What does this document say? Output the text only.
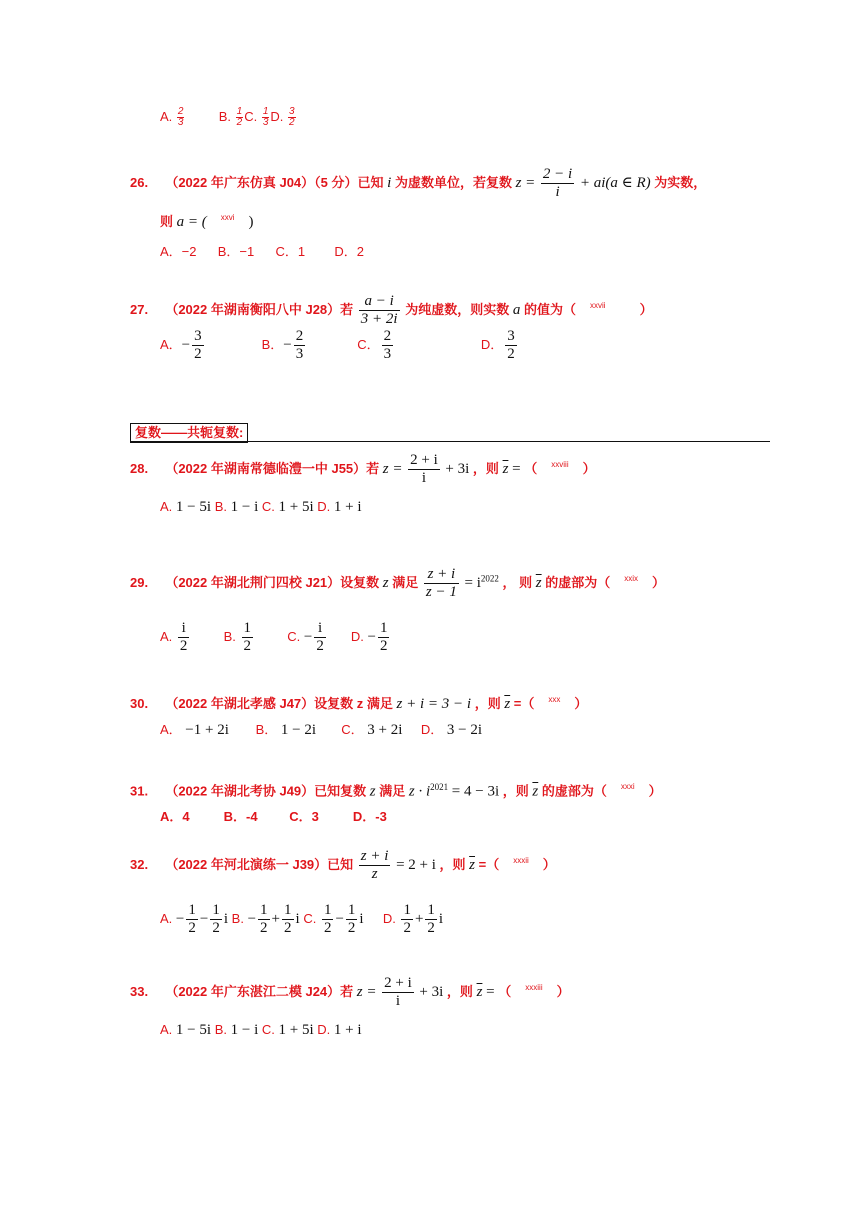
A. $\frac{2}{3}$	B. $\frac{1}{2} C$. $\frac{1}{3} D$. $\frac{3}{2}$
26. （2022 年广东仿真 J04）（5 分）已知 i 为虚数单位，若复数 $z = \frac{2 - i}{i} + ai(a$ ∈ R) 为实数，
则 a = ( $^{xxvi}$ )
A．−2 B．−1 C．1 D．2
27. （2022 年湖南衡阳八中 J28）若 $\frac{a - i}{3 + 2i}$ 为纯虚数，则实数 a 的值为（ $^{xxvii}$	）
A．− $\frac{3}{2}$	B．− $\frac{2}{3}$	C． $\frac{2}{3}$	D． $\frac{3}{2}$
复数——共轭复数:
28. （2022 年湖南常德临澧一中 J55）若 $z = \frac{2 + i}{i} + 3i$ ，则 $\overline{z}$ = （ $^{xxviii}$ ）
A. 1 − 5i B. 1 − i C. 1 + 5i D. 1 + i
29. （2022 年湖北荆门四校 J21）设复数 z 满足 $\frac{z + i}{z - 1} = i^{2022}$ ， 则 $\overline{z}$ 的虚部为（ $^{xxix}$ ）
A. $\frac{i}{2}$	B. $\frac{1}{2}$	C. − $\frac{i}{2} D$. − $\frac{1}{2}$
30. （2022 年湖北孝感 J47）设复数 z 满足 z + i = 3 − i ，则 $\overline{z}$ =（ $^{xxx}$ ）
A． −1 + 2i B． 1 − 2i C． 3 + 2i D． 3 − 2i
31. （2022 年湖北考协 J49）已知复数 z 满足 $z \cdot i^{2021} = 4 - 3i$ ，则 $\overline{z}$ 的虚部为（ $^{xxxi}$ ）
A．4	B．-4 C．3	D．-3
32. （2022 年河北演练一 J39）已知 $\frac{z + i}{z} = 2 + i$ ，则 $\overline{z}$ =（ $^{xxxii}$ ）
A. − $\frac{1}{2} - \frac{1}{2}$ i B. − $\frac{1}{2} + \frac{1}{2}$ i C. $\frac{1}{2} - \frac{1}{2}$ i D. $\frac{1}{2} + \frac{1}{2}$ i
33. （2022 年广东湛江二模 J24）若 $z = \frac{2 + i}{i} + 3i$ ，则 $\overline{z}$ = （ $^{xxxiii}$ ）
A. 1 − 5i B. 1 − i C. 1 + 5i D. 1 + i
